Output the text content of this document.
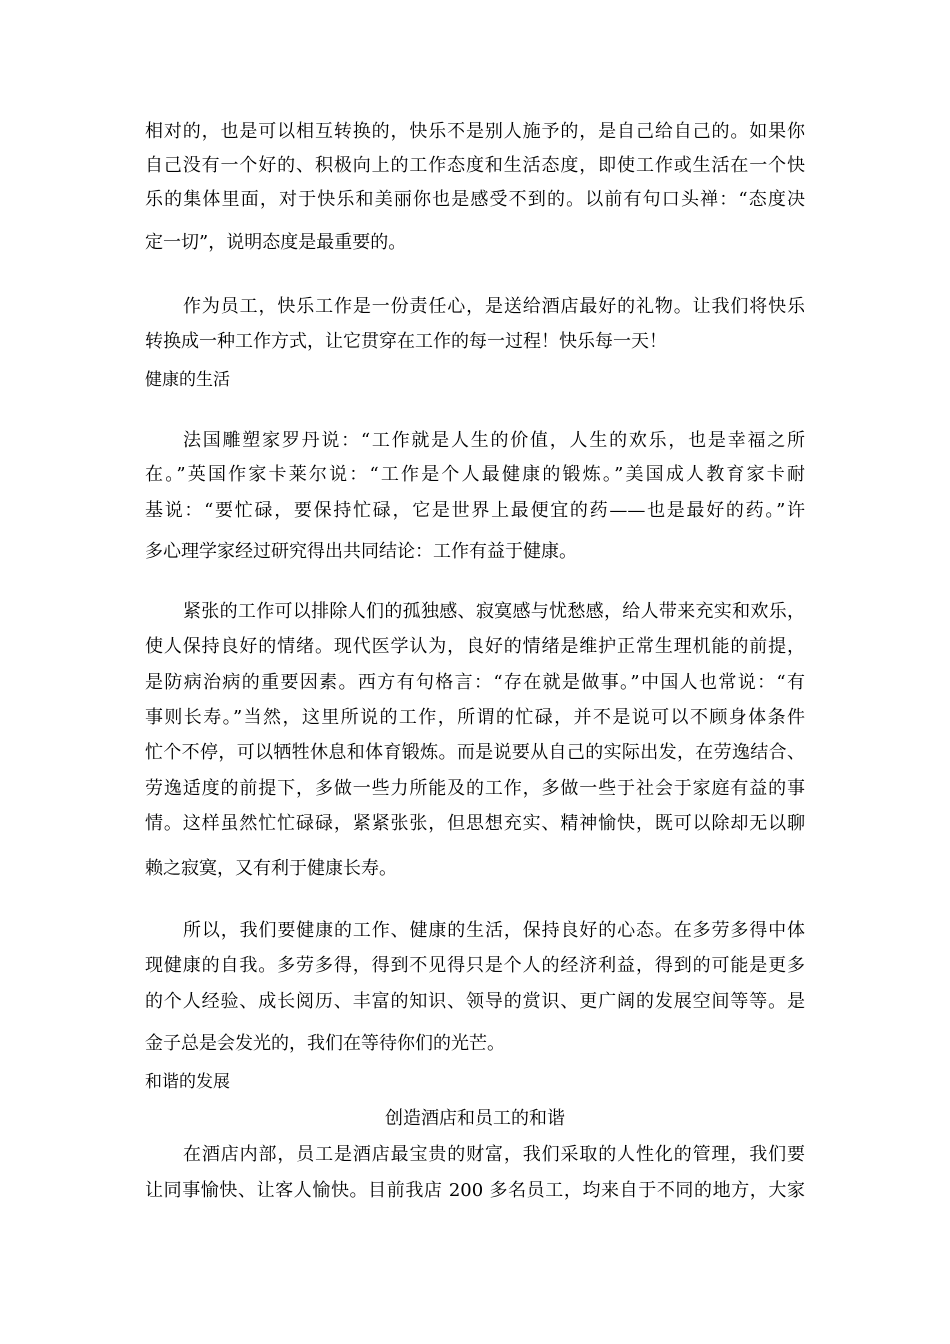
相对的，也是可以相互转换的，快乐不是别人施予的，是自己给自己的。如果你
自己没有一个好的、积极向上的工作态度和生活态度，即使工作或生活在一个快
乐的集体里面，对于快乐和美丽你也是感受不到的。以前有句口头禅：“态度决
定一切”，说明态度是最重要的。
作为员工，快乐工作是一份责任心，是送给酒店最好的礼物。让我们将快乐
转换成一种工作方式，让它贯穿在工作的每一过程！快乐每一天！
健康的生活
法国雕塑家罗丹说：“工作就是人生的价值，人生的欢乐，也是幸福之所
在。”英国作家卡莱尔说：“工作是个人最健康的锻炼。”美国成人教育家卡耐
基说：“要忙碌，要保持忙碌，它是世界上最便宜的药——也是最好的药。”许
多心理学家经过研究得出共同结论：工作有益于健康。
紧张的工作可以排除人们的孤独感、寂寞感与忧愁感，给人带来充实和欢乐，
使人保持良好的情绪。现代医学认为，良好的情绪是维护正常生理机能的前提，
是防病治病的重要因素。西方有句格言：“存在就是做事。”中国人也常说：“有
事则长寿。”当然，这里所说的工作，所谓的忙碌，并不是说可以不顾身体条件
忙个不停，可以牺牲休息和体育锻炼。而是说要从自己的实际出发，在劳逸结合、
劳逸适度的前提下，多做一些力所能及的工作，多做一些于社会于家庭有益的事
情。这样虽然忙忙碌碌，紧紧张张，但思想充实、精神愉快，既可以除却无以聊
赖之寂寞，又有利于健康长寿。
所以，我们要健康的工作、健康的生活，保持良好的心态。在多劳多得中体
现健康的自我。多劳多得，得到不见得只是个人的经济利益，得到的可能是更多
的个人经验、成长阅历、丰富的知识、领导的赏识、更广阔的发展空间等等。是
金子总是会发光的，我们在等待你们的光芒。
和谐的发展
创造酒店和员工的和谐
在酒店内部，员工是酒店最宝贵的财富，我们采取的人性化的管理，我们要
让同事愉快、让客人愉快。目前我店 200 多名员工，均来自于不同的地方，大家
